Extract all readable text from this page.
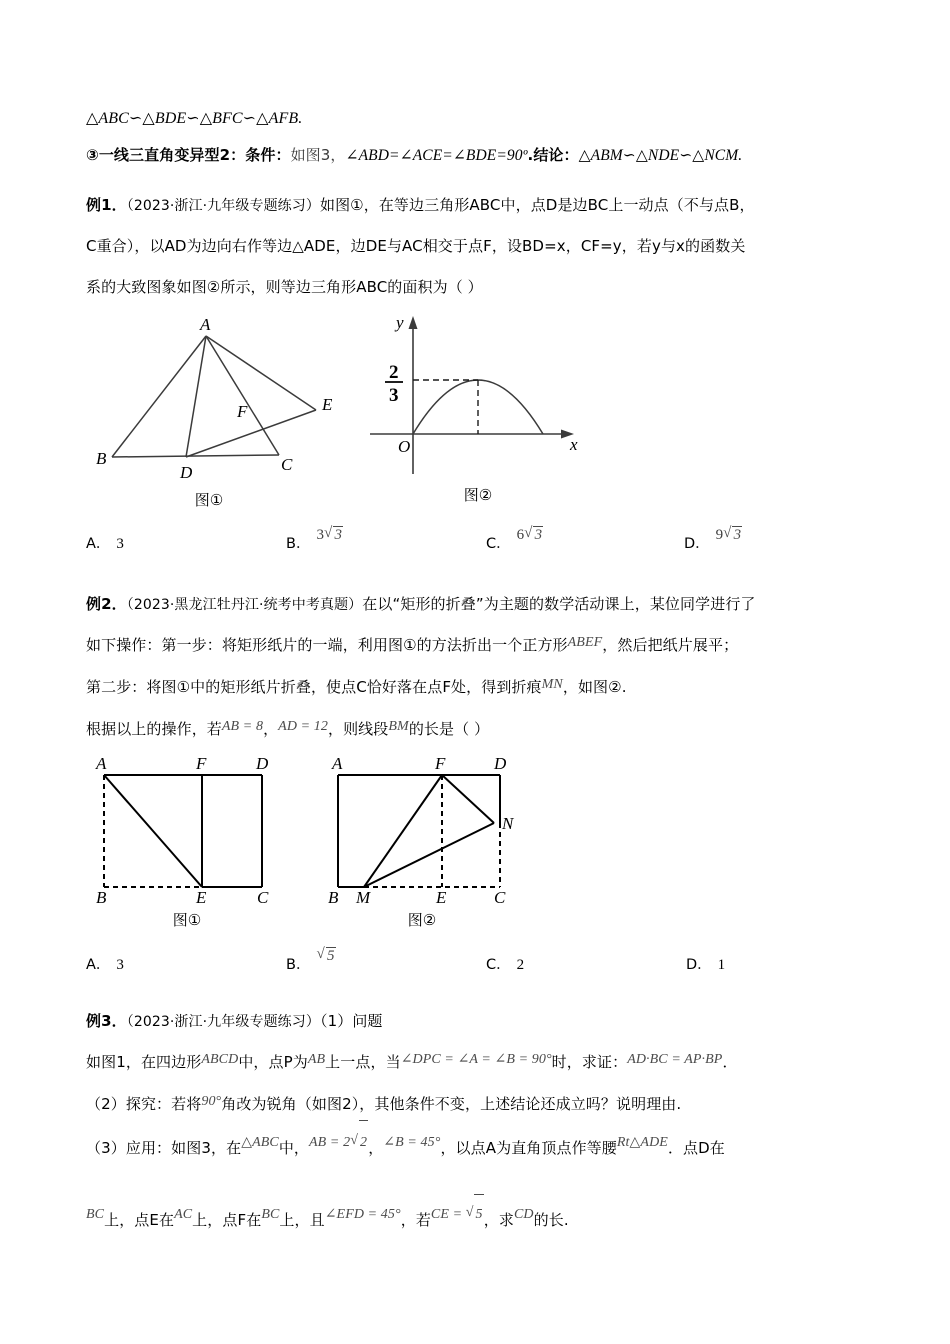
△ABC∽△BDE∽△BFC∽△AFB.
③一线三直角变异型2：条件：如图3，∠ABD=∠ACE=∠BDE=90º.结论：△ABM∽△NDE∽△NCM.
例1．（2023·浙江·九年级专题练习）如图①，在等边三角形ABC中，点D是边BC上一动点（不与点B，
C重合），以AD为边向右作等边△ADE，边DE与AC相交于点F，设BD=x，CF=y，若y与x的函数关
系的大致图象如图②所示，则等边三角形ABC的面积为（ ）
A
B	C
D
E
F
图①
y
x
O
2
3
图②
A． 3	B．3 √ 3
C．6 √ 3
D．9 √ 3
例2．（2023·黑龙江牡丹江·统考中考真题）在以“矩形的折叠”为主题的数学活动课上，某位同学进行了
如下操作：第一步：将矩形纸片的一端，利用图①的方法折出一个正方形ABEF，然后把纸片展平；
第二步：将图①中的矩形纸片折叠，使点C恰好落在点F处，得到折痕MN，如图②.
根据以上的操作，若AB = 8，AD = 12，则线段BM的长是（ ）
A	F	D
B	E	C
图①
A	F	D
N
B M	E	C
图②
A． 3	B．√ 5
C． 2	D． 1
例3．（2023·浙江·九年级专题练习）（1）问题
如图1，在四边形ABCD中，点P为AB上一点，当∠DPC = ∠A = ∠B = 90°时，求证：AD·BC = AP·BP．
（2）探究：若将90°角改为锐角（如图2），其他条件不变，上述结论还成立吗？说明理由.
（3）应用：如图3，在△ABC中，AB = 2 √ 2，∠B = 45°，以点A为直角顶点作等腰Rt△ADE．点D在
BC上，点E在AC上，点F在BC上，且∠EFD = 45°，若CE = √ 5，求CD的长.
